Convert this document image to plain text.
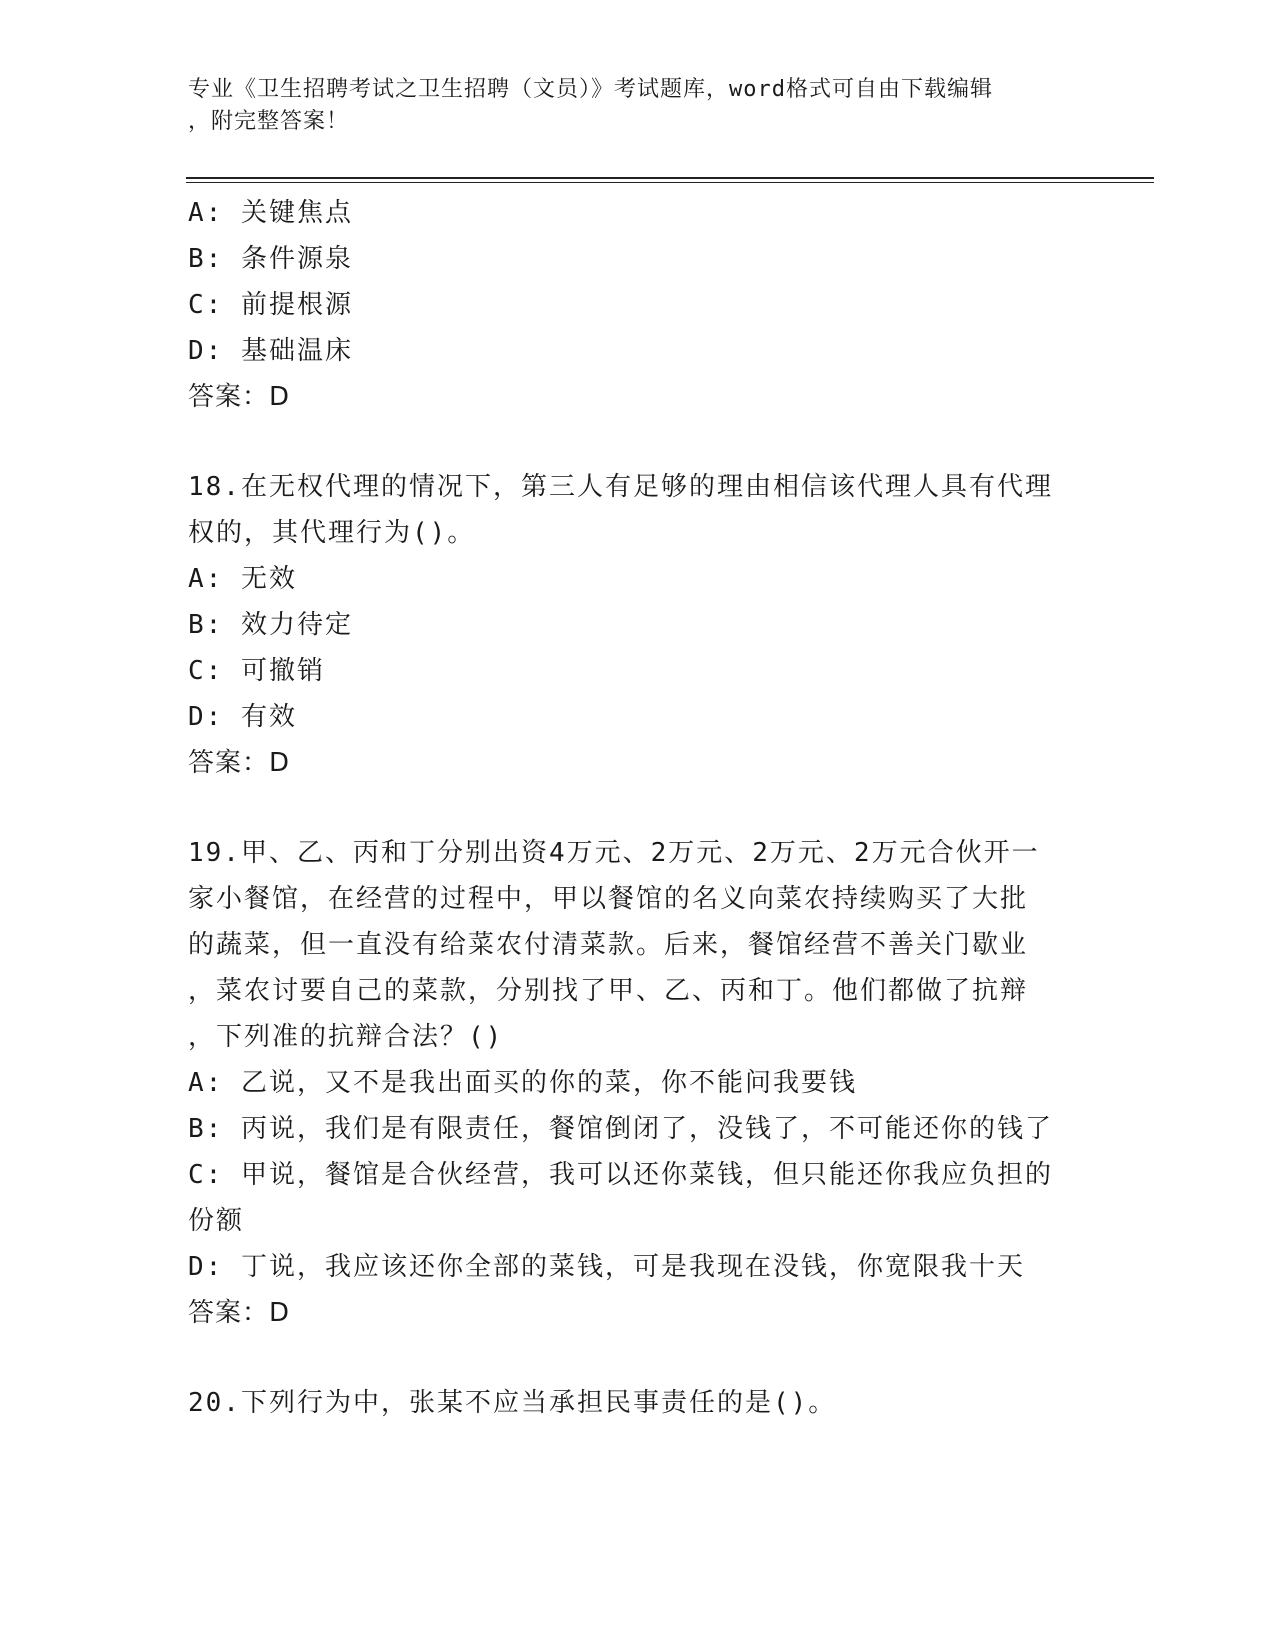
专业《卫生招聘考试之卫生招聘（文员）》考试题库，word格式可自由下载编辑
，附完整答案！
A: 关键焦点
B: 条件源泉
C: 前提根源
D: 基础温床
答案：D
18.在无权代理的情况下，第三人有足够的理由相信该代理人具有代理
权的，其代理行为()。
A: 无效
B: 效力待定
C: 可撤销
D: 有效
答案：D
19.甲、乙、丙和丁分别出资4万元、2万元、2万元、2万元合伙开一
家小餐馆，在经营的过程中，甲以餐馆的名义向菜农持续购买了大批
的蔬菜，但一直没有给菜农付清菜款。后来，餐馆经营不善关门歇业
，菜农讨要自己的菜款，分别找了甲、乙、丙和丁。他们都做了抗辩
，下列准的抗辩合法？()
A: 乙说，又不是我出面买的你的菜，你不能问我要钱
B: 丙说，我们是有限责任，餐馆倒闭了，没钱了，不可能还你的钱了
C: 甲说，餐馆是合伙经营，我可以还你菜钱，但只能还你我应负担的
份额
D: 丁说，我应该还你全部的菜钱，可是我现在没钱，你宽限我十天
答案：D
20.下列行为中，张某不应当承担民事责任的是()。
